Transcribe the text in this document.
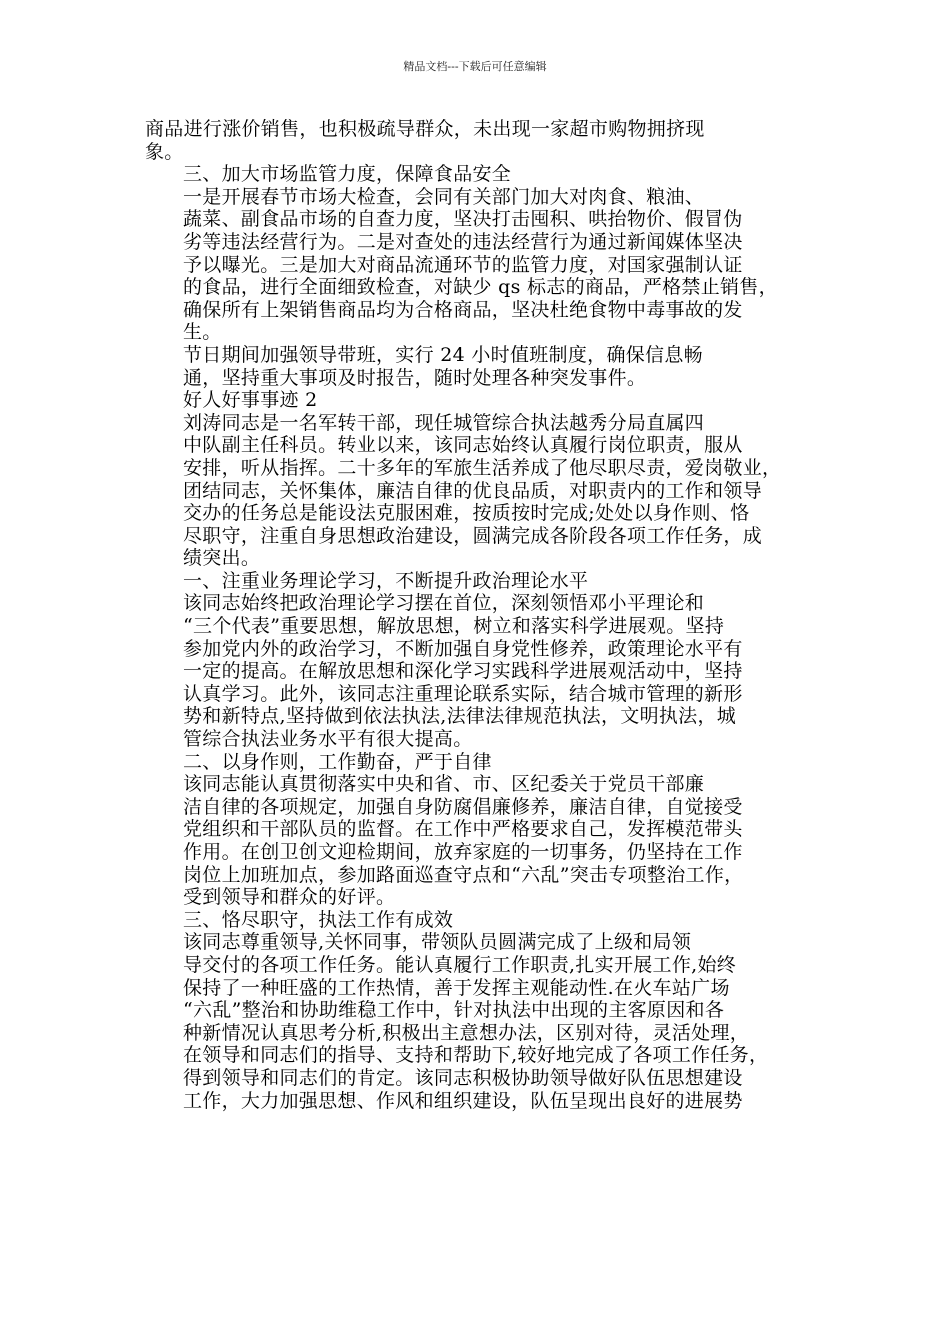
精品文档---下载后可任意编辑

商品进行涨价销售，也积极疏导群众，未出现一家超市购物拥挤现
象。

三、加大市场监管力度，保障食品安全

一是开展春节市场大检查，会同有关部门加大对肉食、粮油、
蔬菜、副食品市场的自查力度，坚决打击囤积、哄抬物价、假冒伪
劣等违法经营行为。二是对查处的违法经营行为通过新闻媒体坚决
予以曝光。三是加大对商品流通环节的监管力度，对国家强制认证
的食品，进行全面细致检查，对缺少 qs 标志的商品，严格禁止销售，
确保所有上架销售商品均为合格商品，坚决杜绝食物中毒事故的发
生。

节日期间加强领导带班，实行 24 小时值班制度，确保信息畅
通，坚持重大事项及时报告，随时处理各种突发事件。

好人好事事迹 2

刘涛同志是一名军转干部，现任城管综合执法越秀分局直属四
中队副主任科员。转业以来，该同志始终认真履行岗位职责，服从
安排，听从指挥。二十多年的军旅生活养成了他尽职尽责，爱岗敬业，
团结同志，关怀集体，廉洁自律的优良品质，对职责内的工作和领导
交办的任务总是能设法克服困难，按质按时完成;处处以身作则、恪
尽职守，注重自身思想政治建设，圆满完成各阶段各项工作任务，成
绩突出。

一、注重业务理论学习，不断提升政治理论水平

该同志始终把政治理论学习摆在首位，深刻领悟邓小平理论和
“三个代表”重要思想，解放思想，树立和落实科学进展观。坚持
参加党内外的政治学习，不断加强自身党性修养，政策理论水平有
一定的提高。在解放思想和深化学习实践科学进展观活动中，坚持
认真学习。此外，该同志注重理论联系实际，结合城市管理的新形
势和新特点,坚持做到依法执法,法律法律规范执法，文明执法，城
管综合执法业务水平有很大提高。

二、以身作则，工作勤奋，严于自律

该同志能认真贯彻落实中央和省、市、区纪委关于党员干部廉
洁自律的各项规定，加强自身防腐倡廉修养，廉洁自律，自觉接受
党组织和干部队员的监督。在工作中严格要求自己，发挥模范带头
作用。在创卫创文迎检期间，放弃家庭的一切事务，仍坚持在工作
岗位上加班加点，参加路面巡查守点和“六乱”突击专项整治工作，
受到领导和群众的好评。

三、恪尽职守，执法工作有成效

该同志尊重领导,关怀同事，带领队员圆满完成了上级和局领
导交付的各项工作任务。能认真履行工作职责,扎实开展工作,始终
保持了一种旺盛的工作热情，善于发挥主观能动性.在火车站广场
“六乱”整治和协助维稳工作中，针对执法中出现的主客原因和各
种新情况认真思考分析,积极出主意想办法，区别对待，灵活处理，
在领导和同志们的指导、支持和帮助下,较好地完成了各项工作任务，
得到领导和同志们的肯定。该同志积极协助领导做好队伍思想建设
工作，大力加强思想、作风和组织建设，队伍呈现出良好的进展势
